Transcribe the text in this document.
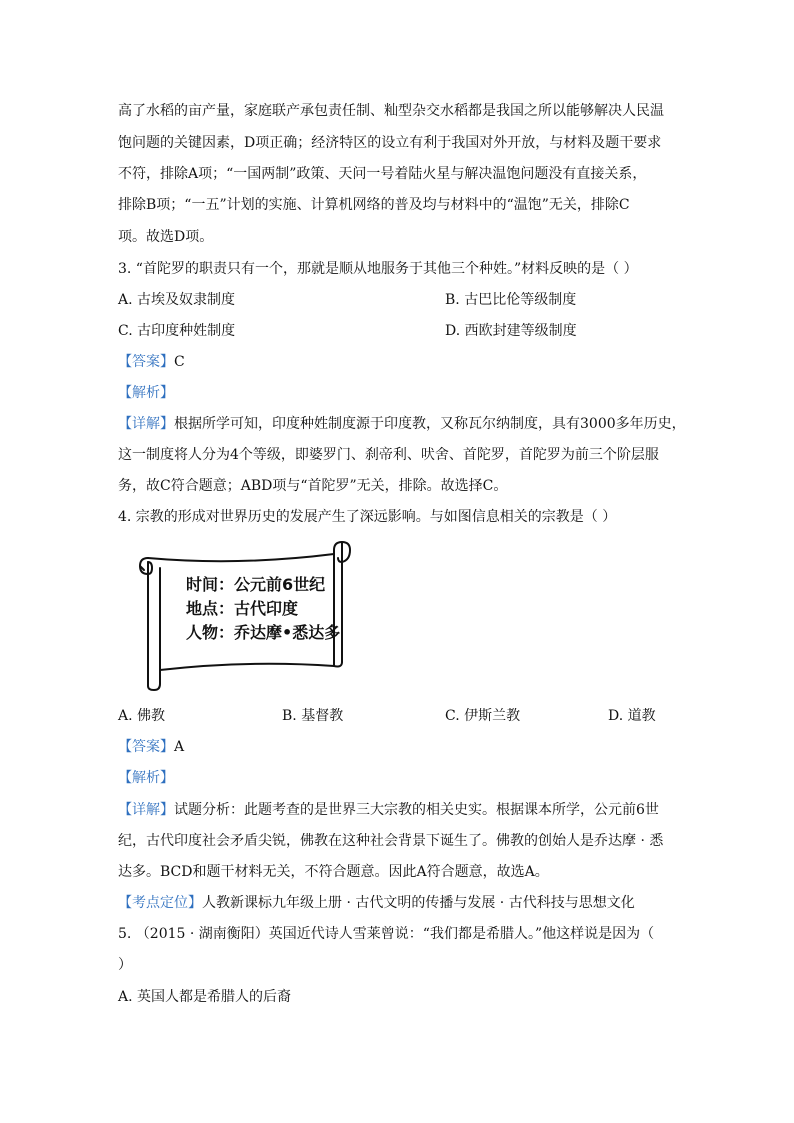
高了水稻的亩产量，家庭联产承包责任制、籼型杂交水稻都是我国之所以能够解决人民温
饱问题的关键因素，D项正确；经济特区的设立有利于我国对外开放，与材料及题干要求
不符，排除A项；“一国两制”政策、天问一号着陆火星与解决温饱问题没有直接关系，
排除B项；“一五”计划的实施、计算机网络的普及均与材料中的“温饱”无关，排除C
项。故选D项。
3. “首陀罗的职责只有一个，那就是顺从地服务于其他三个种姓。”材料反映的是（ ）
A. 古埃及奴隶制度	B. 古巴比伦等级制度
C. 古印度种姓制度	D. 西欧封建等级制度
【答案】C
【解析】
【详解】根据所学可知，印度种姓制度源于印度教，又称瓦尔纳制度，具有3000多年历史，
这一制度将人分为4个等级，即婆罗门、刹帝利、吠舍、首陀罗，首陀罗为前三个阶层服
务，故C符合题意；ABD项与“首陀罗”无关，排除。故选择C。
4. 宗教的形成对世界历史的发展产生了深远影响。与如图信息相关的宗教是（ ）
时间：公元前6世纪
地点：古代印度
人物：乔达摩•悉达多
A. 佛教	B. 基督教	C. 伊斯兰教	D. 道教
【答案】A
【解析】
【详解】试题分析：此题考查的是世界三大宗教的相关史实。根据课本所学，公元前6世
纪，古代印度社会矛盾尖锐，佛教在这种社会背景下诞生了。佛教的创始人是乔达摩 · 悉
达多。BCD和题干材料无关，不符合题意。因此A符合题意，故选A。
【考点定位】人教新课标九年级上册 · 古代文明的传播与发展 · 古代科技与思想文化
5. （2015 · 湖南衡阳）英国近代诗人雪莱曾说：“我们都是希腊人。”他这样说是因为（
）
A. 英国人都是希腊人的后裔
